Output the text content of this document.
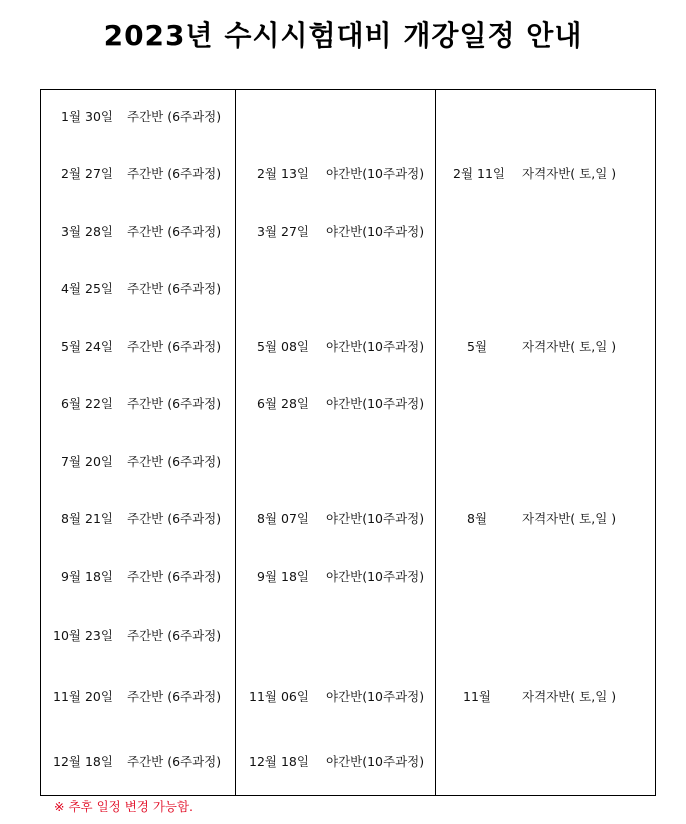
2023년 수시시험대비 개강일정 안내
1월 30일 주간반 (6주과정)
2월 27일 주간반 (6주과정)
3월 28일 주간반 (6주과정)
4월 25일 주간반 (6주과정)
5월 24일 주간반 (6주과정)
6월 22일 주간반 (6주과정)
7월 20일 주간반 (6주과정)
8월 21일 주간반 (6주과정)
9월 18일 주간반 (6주과정)
10월 23일 주간반 (6주과정)
11월 20일 주간반 (6주과정)
12월 18일 주간반 (6주과정)
2월 13일 야간반(10주과정)
3월 27일 야간반(10주과정)
5월 08일 야간반(10주과정)
6월 28일 야간반(10주과정)
8월 07일 야간반(10주과정)
9월 18일 야간반(10주과정)
11월 06일 야간반(10주과정)
12월 18일 야간반(10주과정)
2월 11일 자격자반( 토,일 )
5월	자격자반( 토,일 )
8월	자격자반( 토,일 )
11월 자격자반( 토,일 )
※ 추후 일정 변경 가능함.
